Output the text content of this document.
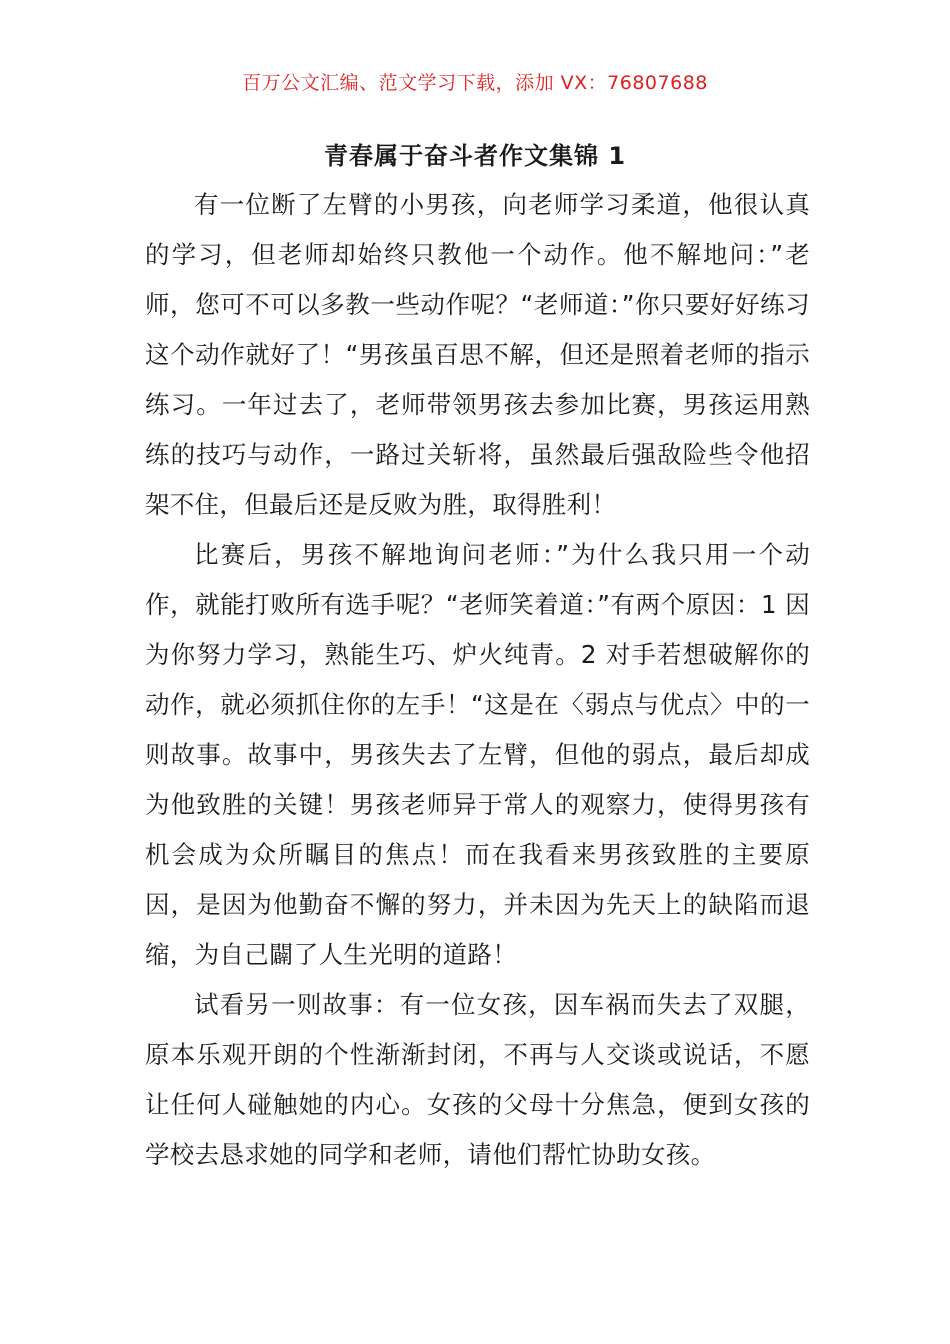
百万公文汇编、范文学习下载，添加 VX：76807688
青春属于奋斗者作文集锦 1

有一位断了左臂的小男孩，向老师学习柔道，他很认真的学习，但老师却始终只教他一个动作。他不解地问：”老师，您可不可以多教一些动作呢？“老师道：”你只要好好练习这个动作就好了！“男孩虽百思不解，但还是照着老师的指示练习。一年过去了，老师带领男孩去参加比赛，男孩运用熟练的技巧与动作，一路过关斩将，虽然最后强敌险些令他招架不住，但最后还是反败为胜，取得胜利！

比赛后，男孩不解地询问老师：”为什么我只用一个动作，就能打败所有选手呢？“老师笑着道：”有两个原因：1 因为你努力学习，熟能生巧、炉火纯青。2 对手若想破解你的动作，就必须抓住你的左手！“这是在〈弱点与优点〉中的一则故事。故事中，男孩失去了左臂，但他的弱点，最后却成为他致胜的关键！男孩老师异于常人的观察力，使得男孩有机会成为众所瞩目的焦点！而在我看来男孩致胜的主要原因，是因为他勤奋不懈的努力，并未因为先天上的缺陷而退缩，为自己闢了人生光明的道路！

试看另一则故事：有一位女孩，因车祸而失去了双腿，原本乐观开朗的个性渐渐封闭，不再与人交谈或说话，不愿让任何人碰触她的内心。女孩的父母十分焦急，便到女孩的学校去恳求她的同学和老师，请他们帮忙协助女孩。
